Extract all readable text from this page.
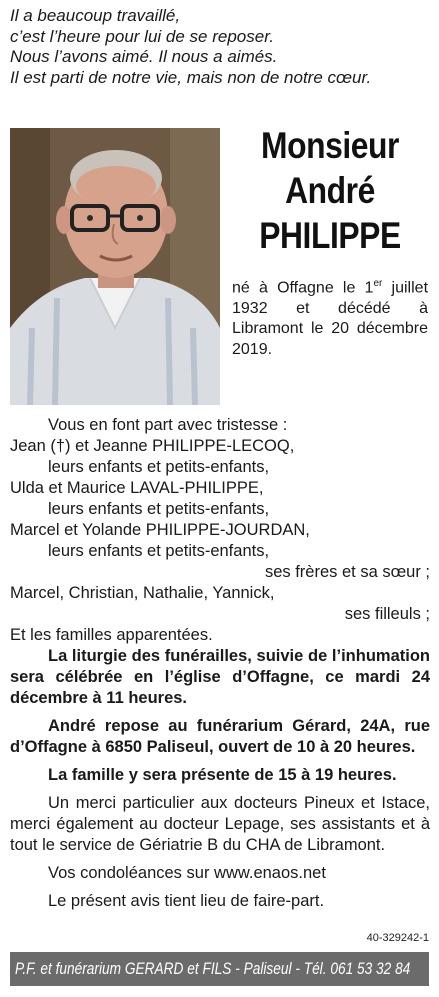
Il a beaucoup travaillé,
c’est l’heure pour lui de se reposer.
Nous l’avons aimé. Il nous a aimés.
Il est parti de notre vie, mais non de notre cœur.
Monsieur
André
PHILIPPE
né à Offagne le 1er juillet 1932 et décédé à Libramont le 20 décembre 2019.
Vous en font part avec tristesse :
Jean (†) et Jeanne PHILIPPE-LECOQ,
leurs enfants et petits-enfants,
Ulda et Maurice LAVAL-PHILIPPE,
leurs enfants et petits-enfants,
Marcel et Yolande PHILIPPE-JOURDAN,
leurs enfants et petits-enfants,
ses frères et sa sœur ;
Marcel, Christian, Nathalie, Yannick,
ses filleuls ;
Et les familles apparentées.

La liturgie des funérailles, suivie de l’inhumation sera célébrée en l’église d’Offagne, ce mardi 24 décembre à 11 heures.

André repose au funérarium Gérard, 24A, rue d’Offagne à 6850 Paliseul, ouvert de 10 à 20 heures.

La famille y sera présente de 15 à 19 heures.

Un merci particulier aux docteurs Pineux et Istace, merci également au docteur Lepage, ses assistants et à tout le service de Gériatrie B du CHA de Libramont.

Vos condoléances sur www.enaos.net

Le présent avis tient lieu de faire-part.

40-329242-1
P.F. et funérarium GERARD et FILS - Paliseul - Tél. 061 53 32 84
